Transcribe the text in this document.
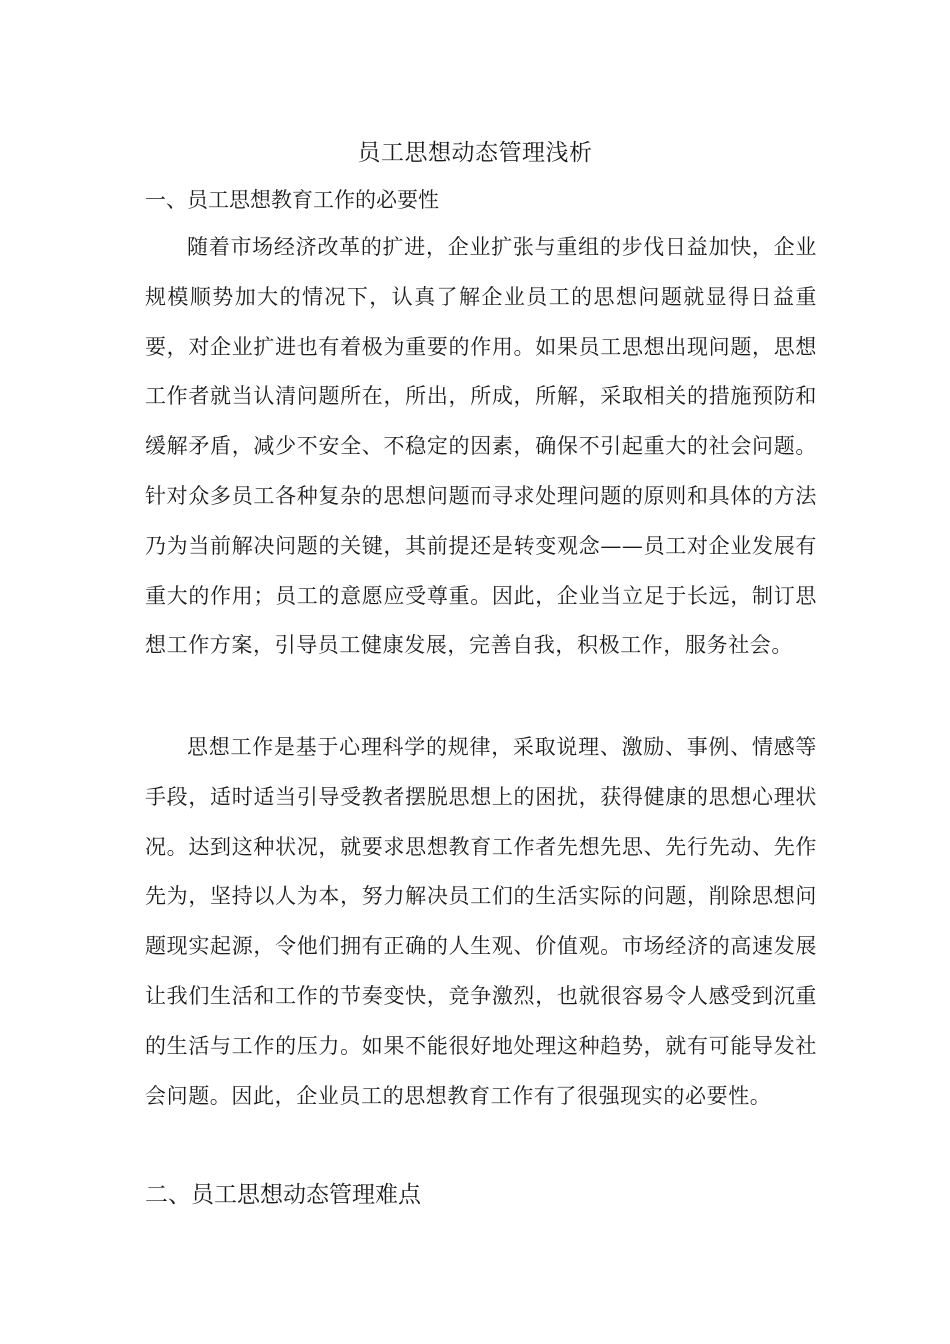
员工思想动态管理浅析
一、员工思想教育工作的必要性

随着市场经济改革的扩进，企业扩张与重组的步伐日益加快，企业规模顺势加大的情况下，认真了解企业员工的思想问题就显得日益重要，对企业扩进也有着极为重要的作用。如果员工思想出现问题，思想工作者就当认清问题所在，所出，所成，所解，采取相关的措施预防和缓解矛盾，减少不安全、不稳定的因素，确保不引起重大的社会问题。针对众多员工各种复杂的思想问题而寻求处理问题的原则和具体的方法乃为当前解决问题的关键，其前提还是转变观念——员工对企业发展有重大的作用；员工的意愿应受尊重。因此，企业当立足于长远，制订思想工作方案，引导员工健康发展，完善自我，积极工作，服务社会。

思想工作是基于心理科学的规律，采取说理、激励、事例、情感等手段，适时适当引导受教者摆脱思想上的困扰，获得健康的思想心理状况。达到这种状况，就要求思想教育工作者先想先思、先行先动、先作先为，坚持以人为本，努力解决员工们的生活实际的问题，削除思想问题现实起源，令他们拥有正确的人生观、价值观。市场经济的高速发展让我们生活和工作的节奏变快，竞争激烈，也就很容易令人感受到沉重的生活与工作的压力。如果不能很好地处理这种趋势，就有可能导发社会问题。因此，企业员工的思想教育工作有了很强现实的必要性。

二、员工思想动态管理难点
